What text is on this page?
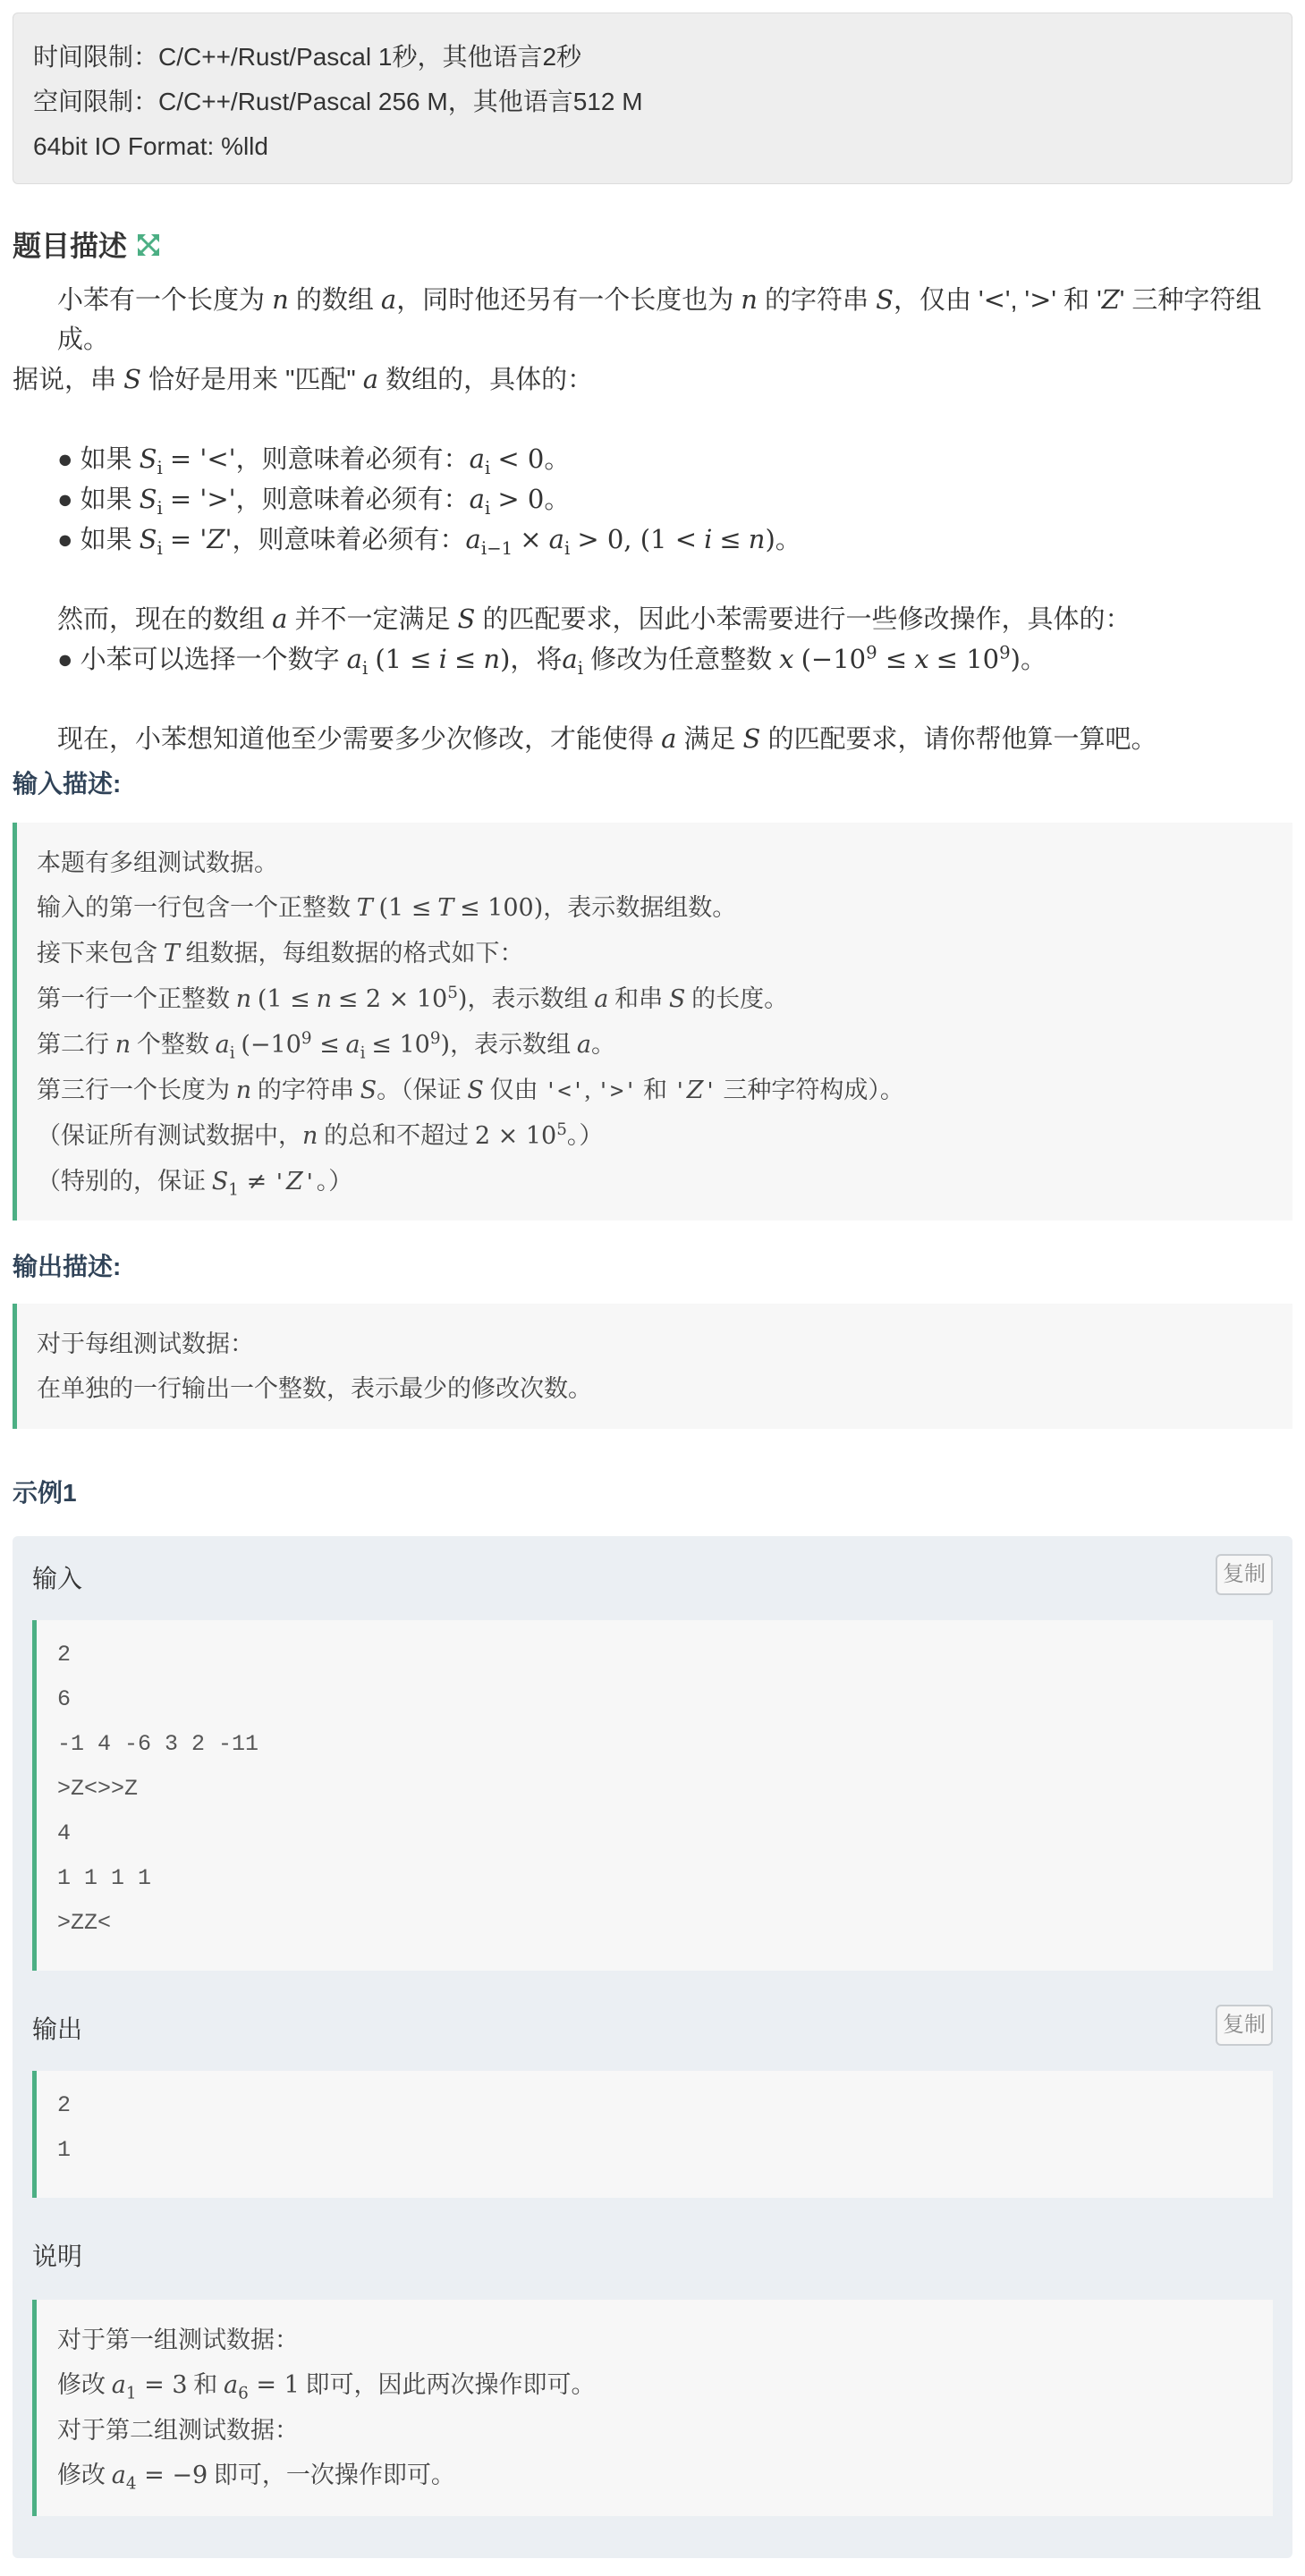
时间限制：C/C++/Rust/Pascal 1秒，其他语言2秒
空间限制：C/C++/Rust/Pascal 256 M，其他语言512 M
64bit IO Format: %lld
题目描述
小苯有一个长度为 n 的数组 a，同时他还另有一个长度也为 n 的字符串 S，仅由 '<', '>' 和 'Z' 三种字符组成。
据说，串 S 恰好是用来 "匹配" a 数组的，具体的：
● 如果 $S_i$ = '<'，则意味着必须有：$a_i < 0$。
● 如果 $S_i$ = '>'，则意味着必须有：$a_i > 0$。
● 如果 $S_i$ = 'Z'，则意味着必须有：$a_{i-1} \times a_i > 0$, (1 < i ≤ n)。
然而，现在的数组 a 并不一定满足 S 的匹配要求，因此小苯需要进行一些修改操作，具体的：
● 小苯可以选择一个数字 $a_i$ (1 ≤ i ≤ n)，将$a_i$ 修改为任意整数 x $(-10^9 \le x \le 10^9)$。
现在，小苯想知道他至少需要多少次修改，才能使得 a 满足 S 的匹配要求，请你帮他算一算吧。
输入描述:
本题有多组测试数据。
输入的第一行包含一个正整数 T (1 ≤ T ≤ 100)，表示数据组数。
接下来包含 T 组数据，每组数据的格式如下：
第一行一个正整数 n $(1 \le n \le 2 \times 10^5)$，表示数组 a 和串 S 的长度。
第二行 n 个整数 $a_i$ $(-10^9 \le a_i \le 10^9)$，表示数组 a。
第三行一个长度为 n 的字符串 S。（保证 S 仅由 '<', '>' 和 'Z' 三种字符构成）。
（保证所有测试数据中，n 的总和不超过 $2 \times 10^5$。）
（特别的，保证 $S_1$ ≠ 'Z'。）
输出描述:
对于每组测试数据：
在单独的一行输出一个整数，表示最少的修改次数。
示例1
输入	复制
2
6
-1 4 -6 3 2 -11
>Z<>>Z
4
1 1 1 1
>ZZ<
输出	复制
2
1
说明
对于第一组测试数据：
修改 $a_1 = 3$ 和 $a_6 = 1$ 即可，因此两次操作即可。
对于第二组测试数据：
修改 $a_4 = -9$ 即可，一次操作即可。
